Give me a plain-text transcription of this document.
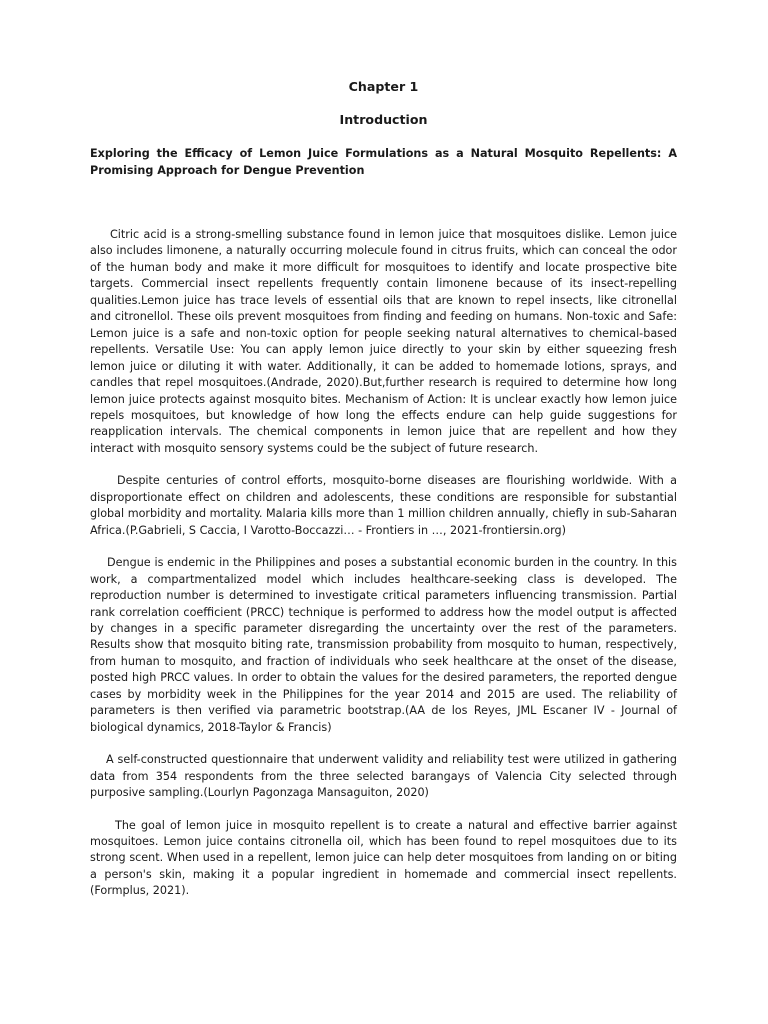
Chapter 1
Introduction

Exploring the Efficacy of Lemon Juice Formulations as a Natural Mosquito Repellents: A Promising Approach for Dengue Prevention

Citric acid is a strong-smelling substance found in lemon juice that mosquitoes dislike. Lemon juice also includes limonene, a naturally occurring molecule found in citrus fruits, which can conceal the odor of the human body and make it more difficult for mosquitoes to identify and locate prospective bite targets. Commercial insect repellents frequently contain limonene because of its insect-repelling qualities.Lemon juice has trace levels of essential oils that are known to repel insects, like citronellal and citronellol. These oils prevent mosquitoes from finding and feeding on humans. Non-toxic and Safe: Lemon juice is a safe and non-toxic option for people seeking natural alternatives to chemical-based repellents. Versatile Use: You can apply lemon juice directly to your skin by either squeezing fresh lemon juice or diluting it with water. Additionally, it can be added to homemade lotions, sprays, and candles that repel mosquitoes.(Andrade, 2020).But,further research is required to determine how long lemon juice protects against mosquito bites. Mechanism of Action: It is unclear exactly how lemon juice repels mosquitoes, but knowledge of how long the effects endure can help guide suggestions for reapplication intervals. The chemical components in lemon juice that are repellent and how they interact with mosquito sensory systems could be the subject of future research.

Despite centuries of control efforts, mosquito-borne diseases are flourishing worldwide. With a disproportionate effect on children and adolescents, these conditions are responsible for substantial global morbidity and mortality. Malaria kills more than 1 million children annually, chiefly in sub-Saharan Africa.(P.Gabrieli, S Caccia, I Varotto-Boccazzi… - Frontiers in …, 2021-frontiersin.org)

Dengue is endemic in the Philippines and poses a substantial economic burden in the country. In this work, a compartmentalized model which includes healthcare-seeking class is developed. The reproduction number is determined to investigate critical parameters influencing transmission. Partial rank correlation coefficient (PRCC) technique is performed to address how the model output is affected by changes in a specific parameter disregarding the uncertainty over the rest of the parameters. Results show that mosquito biting rate, transmission probability from mosquito to human, respectively, from human to mosquito, and fraction of individuals who seek healthcare at the onset of the disease, posted high PRCC values. In order to obtain the values for the desired parameters, the reported dengue cases by morbidity week in the Philippines for the year 2014 and 2015 are used. The reliability of parameters is then verified via parametric bootstrap.(AA de los Reyes, JML Escaner IV - Journal of biological dynamics, 2018-Taylor & Francis)

A self-constructed questionnaire that underwent validity and reliability test were utilized in gathering data from 354 respondents from the three selected barangays of Valencia City selected through purposive sampling.(Lourlyn Pagonzaga Mansaguiton, 2020)

The goal of lemon juice in mosquito repellent is to create a natural and effective barrier against mosquitoes. Lemon juice contains citronella oil, which has been found to repel mosquitoes due to its strong scent. When used in a repellent, lemon juice can help deter mosquitoes from landing on or biting a person's skin, making it a popular ingredient in homemade and commercial insect repellents.(Formplus, 2021).
